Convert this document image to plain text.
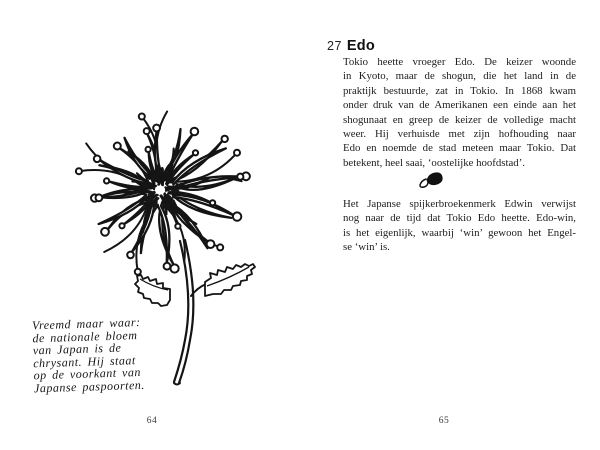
Vreemd maar waar:
de nationale bloem
van Japan is de
chrysant. Hij staat
op de voorkant van
Japanse paspoorten.
64
27 Edo
Tokio heette vroeger Edo. De keizer woonde
in Kyoto, maar de shogun, die het land in de
praktijk bestuurde, zat in Tokio. In 1868 kwam
onder druk van de Amerikanen een einde aan het
shogunaat en greep de keizer de volledige macht
weer. Hij verhuisde met zijn hofhouding naar
Edo en noemde de stad meteen maar Tokio. Dat
betekent, heel saai, ‘oostelijke hoofdstad’.
Het Japanse spijkerbroekenmerk Edwin verwijst
nog naar de tijd dat Tokio Edo heette. Edo-win,
is het eigenlijk, waarbij ‘win’ gewoon het Engel-
se ‘win’ is.
65
